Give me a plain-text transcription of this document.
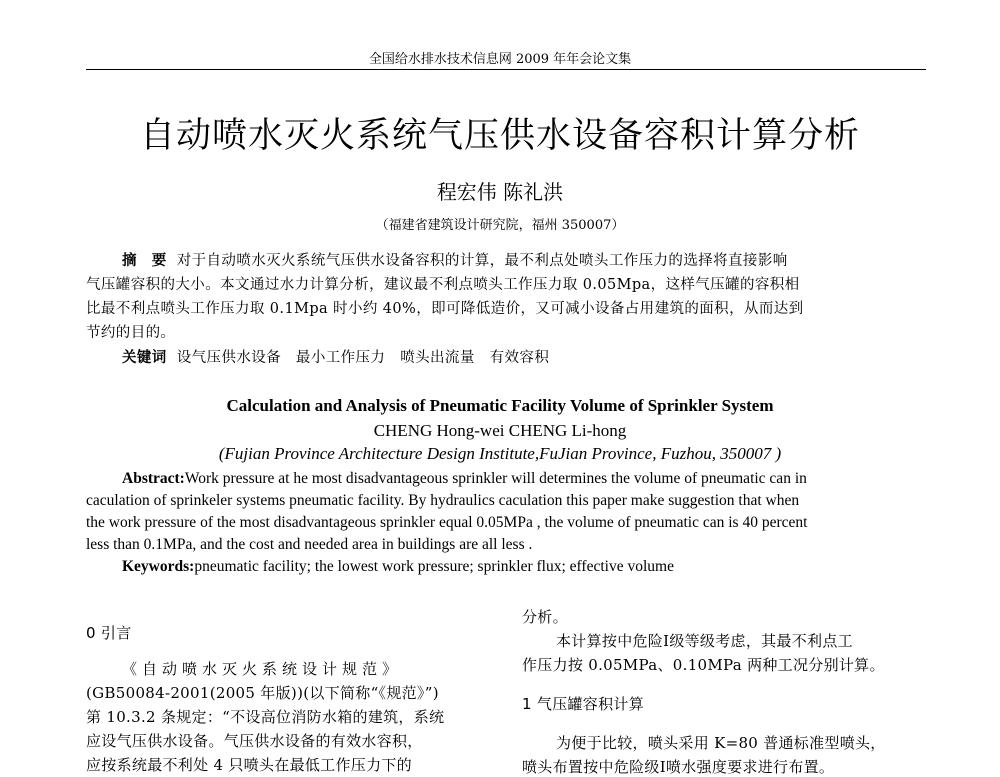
全国给水排水技术信息网 2009 年年会论文集
自动喷水灭火系统气压供水设备容积计算分析
程宏伟 陈礼洪
（福建省建筑设计研究院，福州 350007）
摘　要 对于自动喷水灭火系统气压供水设备容积的计算，最不利点处喷头工作压力的选择将直接影响
气压罐容积的大小。本文通过水力计算分析，建议最不利点喷头工作压力取 0.05Mpa，这样气压罐的容积相
比最不利点喷头工作压力取 0.1Mpa 时小约 40%，即可降低造价，又可减小设备占用建筑的面积，从而达到
节约的目的。
关键词 设气压供水设备　最小工作压力　喷头出流量　有效容积
Calculation and Analysis of Pneumatic Facility Volume of Sprinkler System
CHENG Hong-wei CHENG Li-hong
(Fujian Province Architecture Design Institute,FuJian Province, Fuzhou, 350007 )
Abstract:Work pressure at he most disadvantageous sprinkler will determines the volume of pneumatic can in
caculation of sprinkeler systems pneumatic facility. By hydraulics caculation this paper make suggestion that when
the work pressure of the most disadvantageous sprinkler equal 0.05MPa , the volume of pneumatic can is 40 percent
less than 0.1MPa, and the cost and needed area in buildings are all less .
Keywords:pneumatic facility; the lowest work pressure; sprinkler flux; effective volume
0 引言
《自动喷水灭火系统设计规范》
(GB50084-2001(2005 年版))(以下简称“《规范》”)
第 10.3.2 条规定：“不设高位消防水箱的建筑，系统
应设气压供水设备。气压供水设备的有效水容积，
应按系统最不利处 4 只喷头在最低工作压力下的
分析。
本计算按中危险Ⅰ级等级考虑，其最不利点工
作压力按 0.05MPa、0.10MPa 两种工况分别计算。
1 气压罐容积计算
为便于比较，喷头采用 K=80 普通标准型喷头，
喷头布置按中危险级Ⅰ喷水强度要求进行布置。
